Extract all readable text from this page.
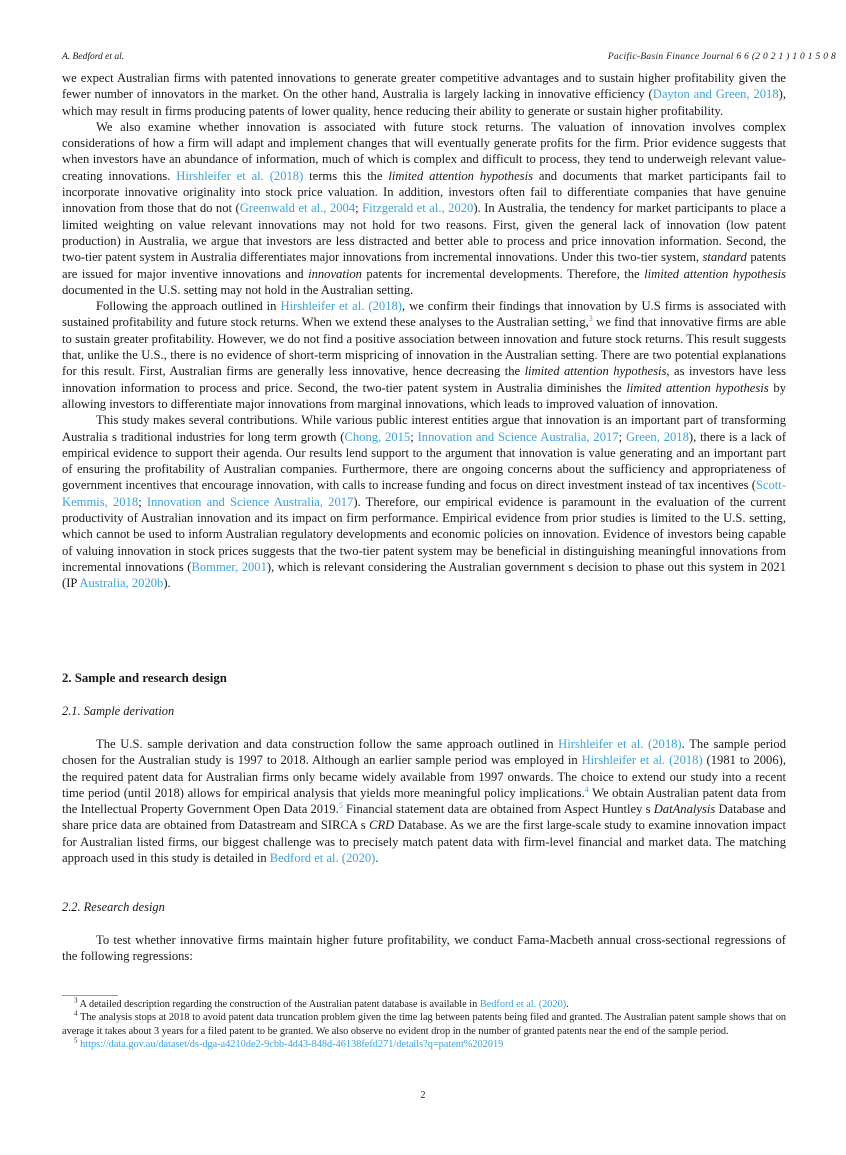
A. Bedford et al.	Pacific-Basin Finance Journal 6 6 (2 0 2 1 ) 1 0 1 5 0 8

we expect Australian firms with patented innovations to generate greater competitive advantages and to sustain higher profitability given the fewer number of innovators in the market. On the other hand, Australia is largely lacking in innovative efficiency (Dayton and Green, 2018), which may result in firms producing patents of lower quality, hence reducing their ability to generate or sustain higher profitability.

We also examine whether innovation is associated with future stock returns. The valuation of innovation involves complex considerations of how a firm will adapt and implement changes that will eventually generate profits for the firm. Prior evidence suggests that when investors have an abundance of information, much of which is complex and difficult to process, they tend to underweigh relevant value-creating innovations. Hirshleifer et al. (2018) terms this the limited attention hypothesis and documents that market participants fail to incorporate innovative originality into stock price valuation. In addition, investors often fail to differentiate companies that have genuine innovation from those that do not (Greenwald et al., 2004; Fitzgerald et al., 2020). In Australia, the tendency for market participants to place a limited weighting on value relevant innovations may not hold for two reasons. First, given the general lack of innovation (low patent production) in Australia, we argue that investors are less distracted and better able to process and price innovation information. Second, the two-tier patent system in Australia differentiates major innovations from incremental innovations. Under this two-tier system, standard patents are issued for major inventive innovations and innovation patents for incremental developments. Therefore, the limited attention hypothesis documented in the U.S. setting may not hold in the Australian setting.

Following the approach outlined in Hirshleifer et al. (2018), we confirm their findings that innovation by U.S firms is associated with sustained profitability and future stock returns. When we extend these analyses to the Australian setting,$^3$ we find that innovative firms are able to sustain greater profitability. However, we do not find a positive association between innovation and future stock returns. This result suggests that, unlike the U.S., there is no evidence of short-term mispricing of innovation in the Australian setting. There are two potential explanations for this result. First, Australian firms are generally less innovative, hence decreasing the limited attention hypothesis, as investors have less innovation information to process and price. Second, the two-tier patent system in Australia diminishes the limited attention hypothesis by allowing investors to differentiate major innovations from marginal innovations, which leads to improved valuation of innovation.

This study makes several contributions. While various public interest entities argue that innovation is an important part of transforming Australia s traditional industries for long term growth (Chong, 2015; Innovation and Science Australia, 2017; Green, 2018), there is a lack of empirical evidence to support their agenda. Our results lend support to the argument that innovation is value generating and an important part of ensuring the profitability of Australian companies. Furthermore, there are ongoing concerns about the sufficiency and appropriateness of government incentives that encourage innovation, with calls to increase funding and focus on direct investment instead of tax incentives (Scott-Kemmis, 2018; Innovation and Science Australia, 2017). Therefore, our empirical evidence is paramount in the evaluation of the current productivity of Australian innovation and its impact on firm performance. Empirical evidence from prior studies is limited to the U.S. setting, which cannot be used to inform Australian regulatory developments and economic policies on innovation. Evidence of investors being capable of valuing innovation in stock prices suggests that the two-tier patent system may be beneficial in distinguishing meaningful innovations from incremental innovations (Bommer, 2001), which is relevant considering the Australian government s decision to phase out this system in 2021 (IP Australia, 2020b).

2. Sample and research design
2.1. Sample derivation

The U.S. sample derivation and data construction follow the same approach outlined in Hirshleifer et al. (2018). The sample period chosen for the Australian study is 1997 to 2018. Although an earlier sample period was employed in Hirshleifer et al. (2018) (1981 to 2006), the required patent data for Australian firms only became widely available from 1997 onwards. The choice to extend our study into a recent time period (until 2018) allows for empirical analysis that yields more meaningful policy implications.$^4$ We obtain Australian patent data from the Intellectual Property Government Open Data 2019.$^5$ Financial statement data are obtained from Aspect Huntley s DatAnalysis Database and share price data are obtained from Datastream and SIRCA s CRD Database. As we are the first large-scale study to examine innovation impact for Australian listed firms, our biggest challenge was to precisely match patent data with firm-level financial and market data. The matching approach used in this study is detailed in Bedford et al. (2020).

2.2. Research design

To test whether innovative firms maintain higher future profitability, we conduct Fama-Macbeth annual cross-sectional regressions of the following regressions:

$^3$ A detailed description regarding the construction of the Australian patent database is available in Bedford et al. (2020).

$^4$ The analysis stops at 2018 to avoid patent data truncation problem given the time lag between patents being filed and granted. The Australian patent sample shows that on average it takes about 3 years for a filed patent to be granted. We also observe no evident drop in the number of granted patents near the end of the sample period.

$^5$ https://data.gov.au/dataset/ds-dga-a4210de2-9cbb-4d43-848d-46138fefd271/details?q=patent%202019

2
